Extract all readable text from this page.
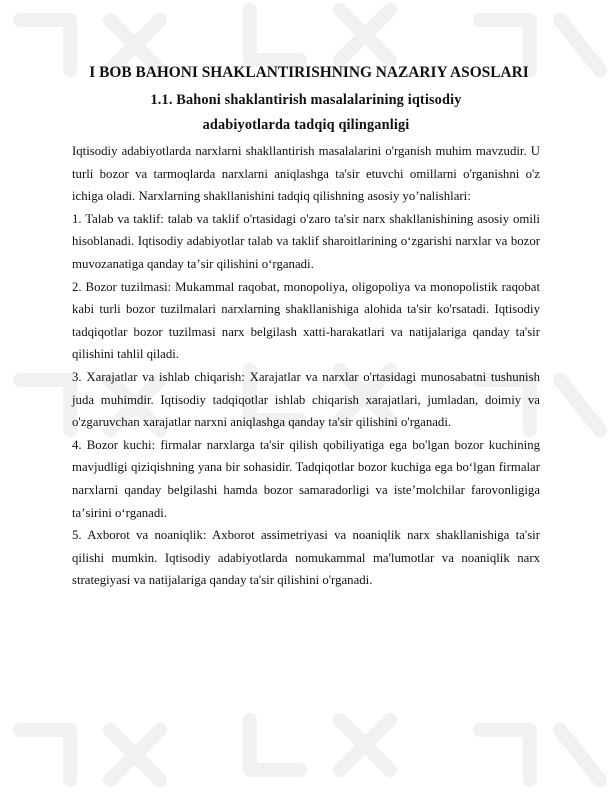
I BOB BAHONI SHAKLANTIRISHNING NAZARIY ASOSLARI
1.1. Bahoni shaklantirish masalalarining iqtisodiy
adabiyotlarda tadqiq qilinganligi

Iqtisodiy adabiyotlarda narxlarni shakllantirish masalalarini o'rganish muhim mavzudir. U turli bozor va tarmoqlarda narxlarni aniqlashga ta'sir etuvchi omillarni o'rganishni o'z ichiga oladi. Narxlarning shakllanishini tadqiq qilishning asosiy yo’nalishlari:

1. Talab va taklif: talab va taklif o'rtasidagi o'zaro ta'sir narx shakllanishining asosiy omili hisoblanadi. Iqtisodiy adabiyotlar talab va taklif sharoitlarining oʻzgarishi narxlar va bozor muvozanatiga qanday taʼsir qilishini oʻrganadi.

2. Bozor tuzilmasi: Mukammal raqobat, monopoliya, oligopoliya va monopolistik raqobat kabi turli bozor tuzilmalari narxlarning shakllanishiga alohida ta'sir ko'rsatadi. Iqtisodiy tadqiqotlar bozor tuzilmasi narx belgilash xatti-harakatlari va natijalariga qanday ta'sir qilishini tahlil qiladi.

3. Xarajatlar va ishlab chiqarish: Xarajatlar va narxlar o'rtasidagi munosabatni tushunish juda muhimdir. Iqtisodiy tadqiqotlar ishlab chiqarish xarajatlari, jumladan, doimiy va o'zgaruvchan xarajatlar narxni aniqlashga qanday ta'sir qilishini o'rganadi.

4. Bozor kuchi: firmalar narxlarga ta'sir qilish qobiliyatiga ega bo'lgan bozor kuchining mavjudligi qiziqishning yana bir sohasidir. Tadqiqotlar bozor kuchiga ega boʻlgan firmalar narxlarni qanday belgilashi hamda bozor samaradorligi va isteʼmolchilar farovonligiga taʼsirini oʻrganadi.

5. Axborot va noaniqlik: Axborot assimetriyasi va noaniqlik narx shakllanishiga ta'sir qilishi mumkin. Iqtisodiy adabiyotlarda nomukammal ma'lumotlar va noaniqlik narx strategiyasi va natijalariga qanday ta'sir qilishini o'rganadi.
